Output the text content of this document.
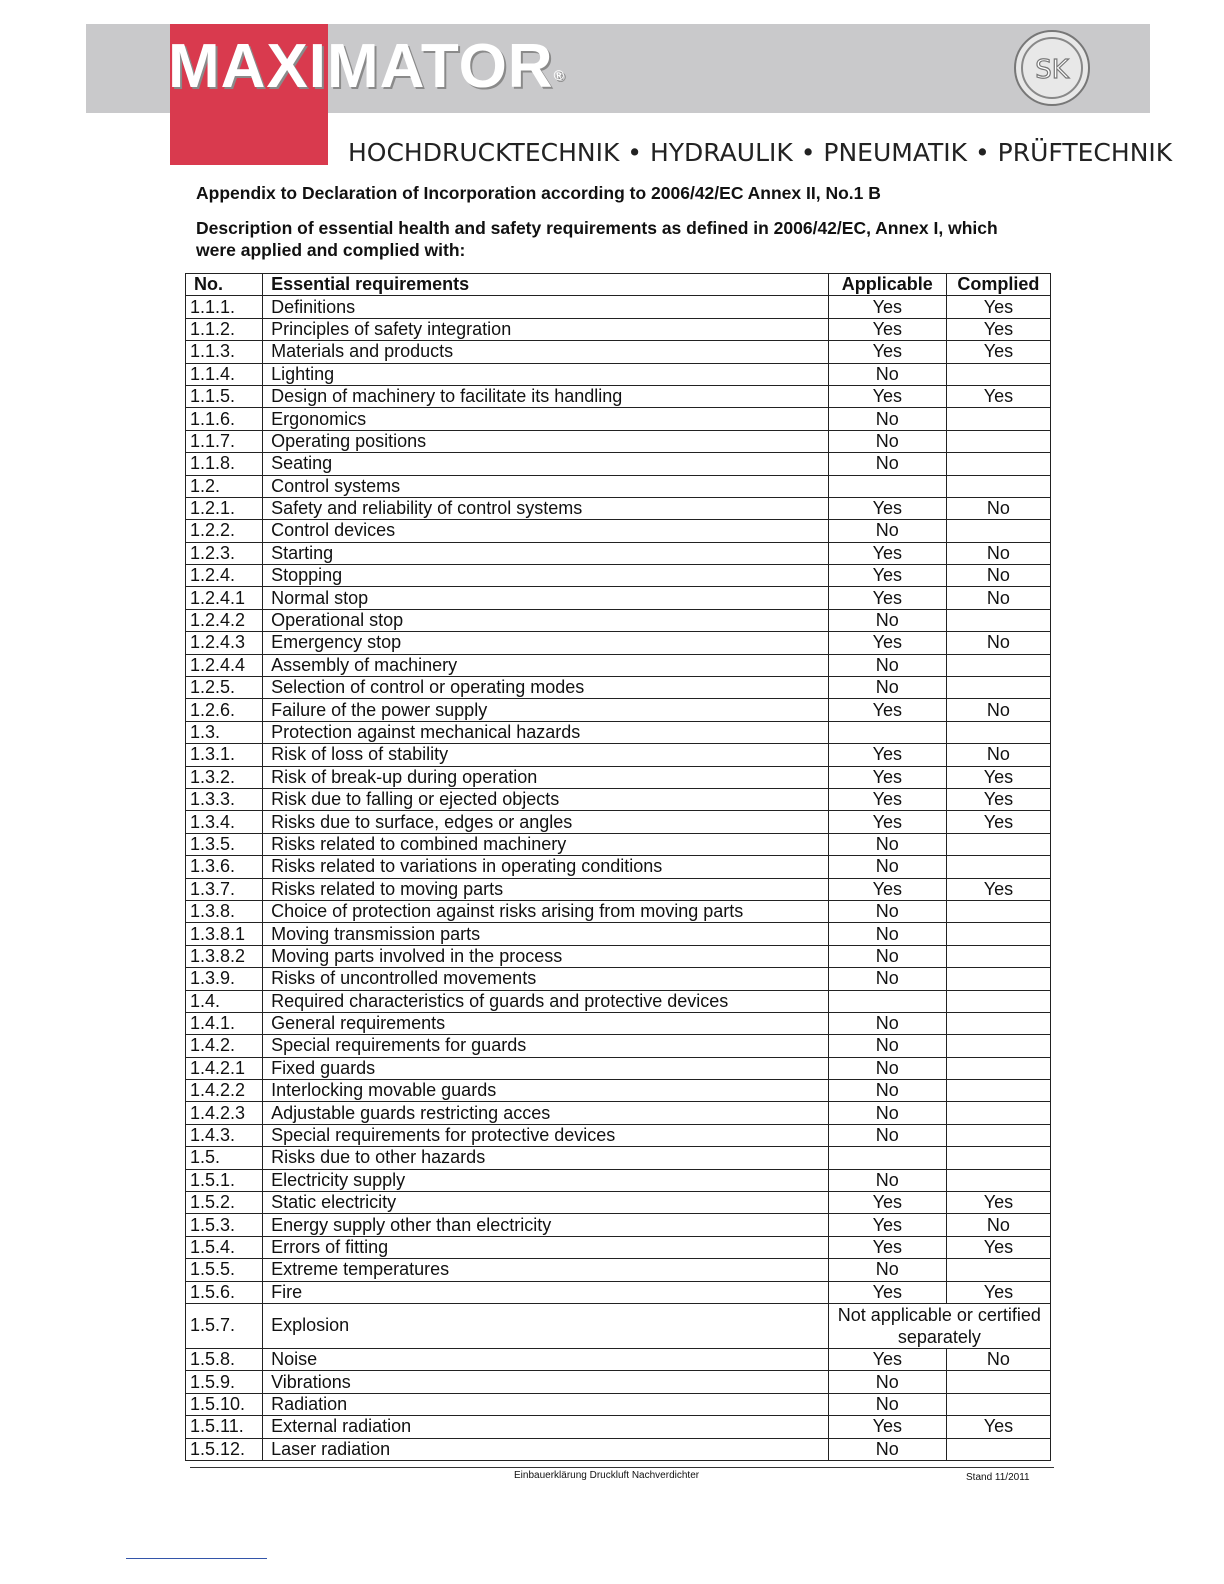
MAXIMATOR®	SK
HOCHDRUCKTECHNIK • HYDRAULIK • PNEUMATIK • PRÜFTECHNIK
Appendix to Declaration of Incorporation according to 2006/42/EC Annex II, No.1 B
Description of essential health and safety requirements as defined in 2006/42/EC, Annex I, which were applied and complied with:
No.	Essential requirements	Applicable	Complied
1.1.1.	Definitions	Yes	Yes
1.1.2.	Principles of safety integration	Yes	Yes
1.1.3.	Materials and products	Yes	Yes
1.1.4.	Lighting	No	
1.1.5.	Design of machinery to facilitate its handling	Yes	Yes
1.1.6.	Ergonomics	No	
1.1.7.	Operating positions	No	
1.1.8.	Seating	No	
1.2.	Control systems		
1.2.1.	Safety and reliability of control systems	Yes	No
1.2.2.	Control devices	No	
1.2.3.	Starting	Yes	No
1.2.4.	Stopping	Yes	No
1.2.4.1	Normal stop	Yes	No
1.2.4.2	Operational stop	No	
1.2.4.3	Emergency stop	Yes	No
1.2.4.4	Assembly of machinery	No	
1.2.5.	Selection of control or operating modes	No	
1.2.6.	Failure of the power supply	Yes	No
1.3.	Protection against mechanical hazards		
1.3.1.	Risk of loss of stability	Yes	No
1.3.2.	Risk of break-up during operation	Yes	Yes
1.3.3.	Risk due to falling or ejected objects	Yes	Yes
1.3.4.	Risks due to surface, edges or angles	Yes	Yes
1.3.5.	Risks related to combined machinery	No	
1.3.6.	Risks related to variations in operating conditions	No	
1.3.7.	Risks related to moving parts	Yes	Yes
1.3.8.	Choice of protection against risks arising from moving parts	No	
1.3.8.1	Moving transmission parts	No	
1.3.8.2	Moving parts involved in the process	No	
1.3.9.	Risks of uncontrolled movements	No	
1.4.	Required characteristics of guards and protective devices		
1.4.1.	General requirements	No	
1.4.2.	Special requirements for guards	No	
1.4.2.1	Fixed guards	No	
1.4.2.2	Interlocking movable guards	No	
1.4.2.3	Adjustable guards restricting acces	No	
1.4.3.	Special requirements for protective devices	No	
1.5.	Risks due to other hazards		
1.5.1.	Electricity supply	No	
1.5.2.	Static electricity	Yes	Yes
1.5.3.	Energy supply other than electricity	Yes	No
1.5.4.	Errors of fitting	Yes	Yes
1.5.5.	Extreme temperatures	No	
1.5.6.	Fire	Yes	Yes
1.5.7.	Explosion	Not applicable or certified separately	
1.5.8.	Noise	Yes	No
1.5.9.	Vibrations	No	
1.5.10.	Radiation	No	
1.5.11.	External radiation	Yes	Yes
1.5.12.	Laser radiation	No	
Einbauerklärung Druckluft Nachverdichter	Stand 11/2011
